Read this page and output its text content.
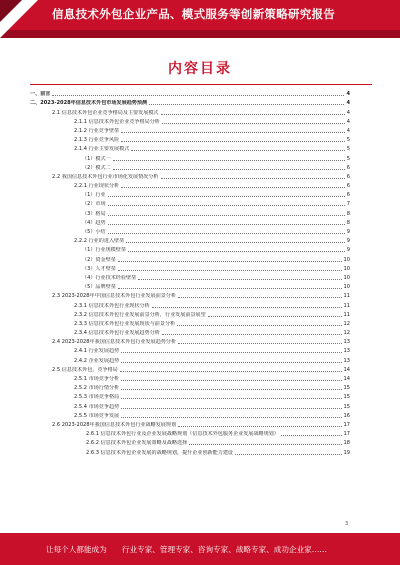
信息技术外包企业产品、模式服务等创新策略研究报告
内容目录
一、前言	4
二、2023-2028年信息技术外包市场发展趋势预测	4
2.1 信息技术外包企业竞争格局及主要发展模式	4
2.1.1 信息技术外包企业竞争格局分析	4
2.1.2 行业竞争壁垒	4
2.1.3 行业竞争风险	5
2.1.4 行业主要发展模式	5
（1）模式一	5
（2）模式二	6
2.2 我国信息技术外包行业市场化发展情况分析	6
2.2.1 行业现状分析	6
（1）行业	6
（2）市场	7
（3）格局	8
（4）趋势	8
（5）小结	9
2.2.2 行业的进入壁垒	9
（1）行业规模壁垒	9
（2）资金壁垒	10
（3）人才壁垒	10
（4）行业技术经验壁垒	10
（5）品牌壁垒	10
2.3 2023-2028年中国信息技术外包行业发展前景分析	11
2.3.1 信息技术外包行业现状分析	11
2.3.2 信息技术外包行业发展前景分析，行业发展前景展望	11
2.3.3 信息技术外包行业发展现状与前景分析	12
2.3.4 信息技术外包行业发展趋势分析	12
2.4 2023-2028年我国信息技术外包行业发展趋势分析	13
2.4.1 行业发展趋势	13
2.4.2 企业发展趋势	13
2.5 信息技术外包，竞争格局	14
2.5.1 市场竞争分析	14
2.5.2 市场行情分析	15
2.5.3 市场竞争格局	15
2.5.4 市场竞争趋势	15
2.5.5 市场竞争发展	16
2.6 2023-2028年我国信息技术外包行业战略发展规划	17
2.6.1 信息技术外包行业及企业发展战略规划（信息技术外包服务企业发展战略规划）	17
2.6.2 信息技术外包企业发展策略及战略选择	18
2.6.3 信息技术外包企业发展的战略规划，提升企业创新能力建设	19
3
让每个人都能成为　　行业专家、管理专家、咨询专家、战略专家、成功企业家……
